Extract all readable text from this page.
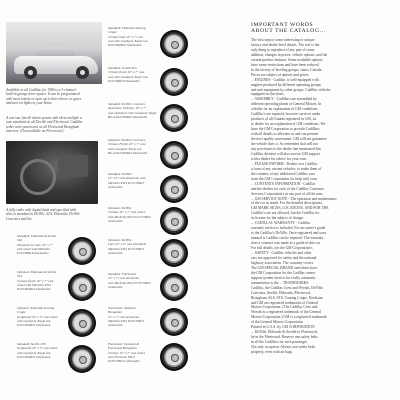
Available in all Cadillac for 1996 is a 3-channel
built-in garage door opener. It can be programmed
with most remote to open up to three doors, or gates
and turn on lights in your home.

A one-size fits-all alarm system with sheet multiple a
tone standard on all Deville and Fleetwood. Cadillac
tether anti-system and on all Fleetwood Brougham
interiors. (Not available on Fleetwood.)

A fully radio with digital dash and specified with
slots is standard in DeVille, SLS, Eldorado, DeVille
Concours and the.

Standard: Eldorado & Seville
SLS
Diamond cut cast, 16" x 7"
cast wheel with Michelin
P225/60R16 blackwalls.
Optional: Eldorado & Seville
SLS
Chrome finish 16" x 7" cast
wheel with Michelin XW4
P225/60ZR16 blackwalls.
Optional: Eldorado Touring
Coupe
Sculptured 16" x 7" cast wheel
with Goodyear Eagle GA
P225/60ZR16 blackwalls.
Standard: Seville STS
Sculptured 16" x 7" cast wheel
with Goodyear Eagle GA
P225/60ZR16 blackwalls.
Standard: Eldorado Touring
Coupe
Chrome both 16" x 7" cast
cast with Goodyear Eagle GA
P225/60ZR16 blackwalls.
Standard: Seville SLS
Chrome finish 16" x 7" cast
cast with Goodyear Eagle GA
P225/60R16 blackwalls.
Standard: DeVille Concours
Aluminum 16 finish, 16" x 7"
cast aluminum with Goodyear Eagle
RS-A P225/60R16 blackwalls.
Optional: DeVille Concours
Chrome Finish 16" x 7" cast
with Goodyear Eagle GA
RS-A P225/60R16 blackwalls.
Standard: DeVille
15" x 6" cast aluminum with
Michelin XW4 P215/70R15
whitewalls.
Optional: DeVille
Chrome 16" x 7" cast wheel,
with Michelin XW4 P215/70R15
whitewalls.
Optional: DeVille
Lace 15" x 6" cast aluminum
Michelin XW4 P215/70R15
whitewalls.
Standard: Fleetwood
15" x 7" cast aluminum
with Michelin XW4 P235/70R15
whitewalls.
Fleetwood: Optional
Brougham
15" x 7" cast aluminum,
Michelin XW4 P235/70R15
whitewalls.
Fleetwood: Optional &
Fleetwood Brougham
Chrome 15" x 7" cast wheel
with Firestone FR-3
P235/70R15 whitewalls.
IMPORTANT WORDS
ABOUT THE CATALOG...
The first step to some interesting or unique
factory and dealer-level details. The text is the
only thing to reproduce if any part of some
addition, changes in prices, vehicle options, and the
current product features. Some available options
have some restrictions and have been reduced
in the factory of leveling groups, states, Canada
Prices are subject of options and prices.
... ENGINES - Cadillac is well-equipped with
engines produced by different operating groups
and unit equipment by other groups. Cadillac vehicles
equipped on this basis.
... ASSEMBLY - Cadillacs are assembled by
different operating plants of General Motors. In
a dealer for an explanation of GM conditions.
Cadillac's are repaired, however services under
producer of all Canada registered in GM, its
to dealer for an explanation of GM conditions. We
have the GM Corporation to provide Cadillacs
with all details to alleviate us and can present
the next quality assessment. GM will not guarantee
the vehicle does it. So remember that will not
any provisions to the dealer that mentioned this
Cadillac division will also service GM support
with a dealer for advice for your own.
... PLEASE INFORM - Dealers in a Cadillac
a form of any current vehicles, to make them of
the contents of any additional Cadillac care
from the GM Corporation for help with your
... CONTENTS INFORMATION - Cadillac
and the dealers for each of the Cadillac Customer
Services Corporation's in any part of all the area,
... GM SERVICE NOTE - The operation and maintenance
of the car as noted. For the detailed descriptions,
GM MARK SIGNS, LOCATIONS, AND FOR THE
Cadillac's are not allowed, but the Cadillac for
its license for the subject of change.
... CADILLAC WARRANTY - Cadillac
warranty service is included. For an owner's guide
to the Cadillac's DeVille. Once registered and your
manual is Cadillac can be repaired. The warranty
does a contract was made as a guide of this car.
For full details, see the GM Corporation's
... SAFETY - Cadillac vehicles and other
cars are approved for safety and the national
highway association. The warranty covers.
The GM SPECIAL BRAND and others have
the GM Corporation for the Cadillac owner
support system service for a fully automatic
transmission is the ... TRADEMARKS
Cadillac, the Cadillac Crest and Wreath, DeVille,
Concours, Seville, Eldorado, Fleetwood,
Brougham, SLS, STS, Touring Coupe, Northstar,
and GM are registered trademarks of General
Motors Corporation. (The Cadillac Crest and
Wreath is a registered trademark of the General
Motors Corporation.) GM is a registered trademark
of the General Motors Corporation.
Printed in U.S.A. by GM CORPORATION
... DeVille, Eldorado & Seville to Fleetwood,
be in the Fleetwood. Reserve one safety belts
in all the Cadillacs for each passenger.
Not only an option. Always use safety belts
properly, even with air bags.
